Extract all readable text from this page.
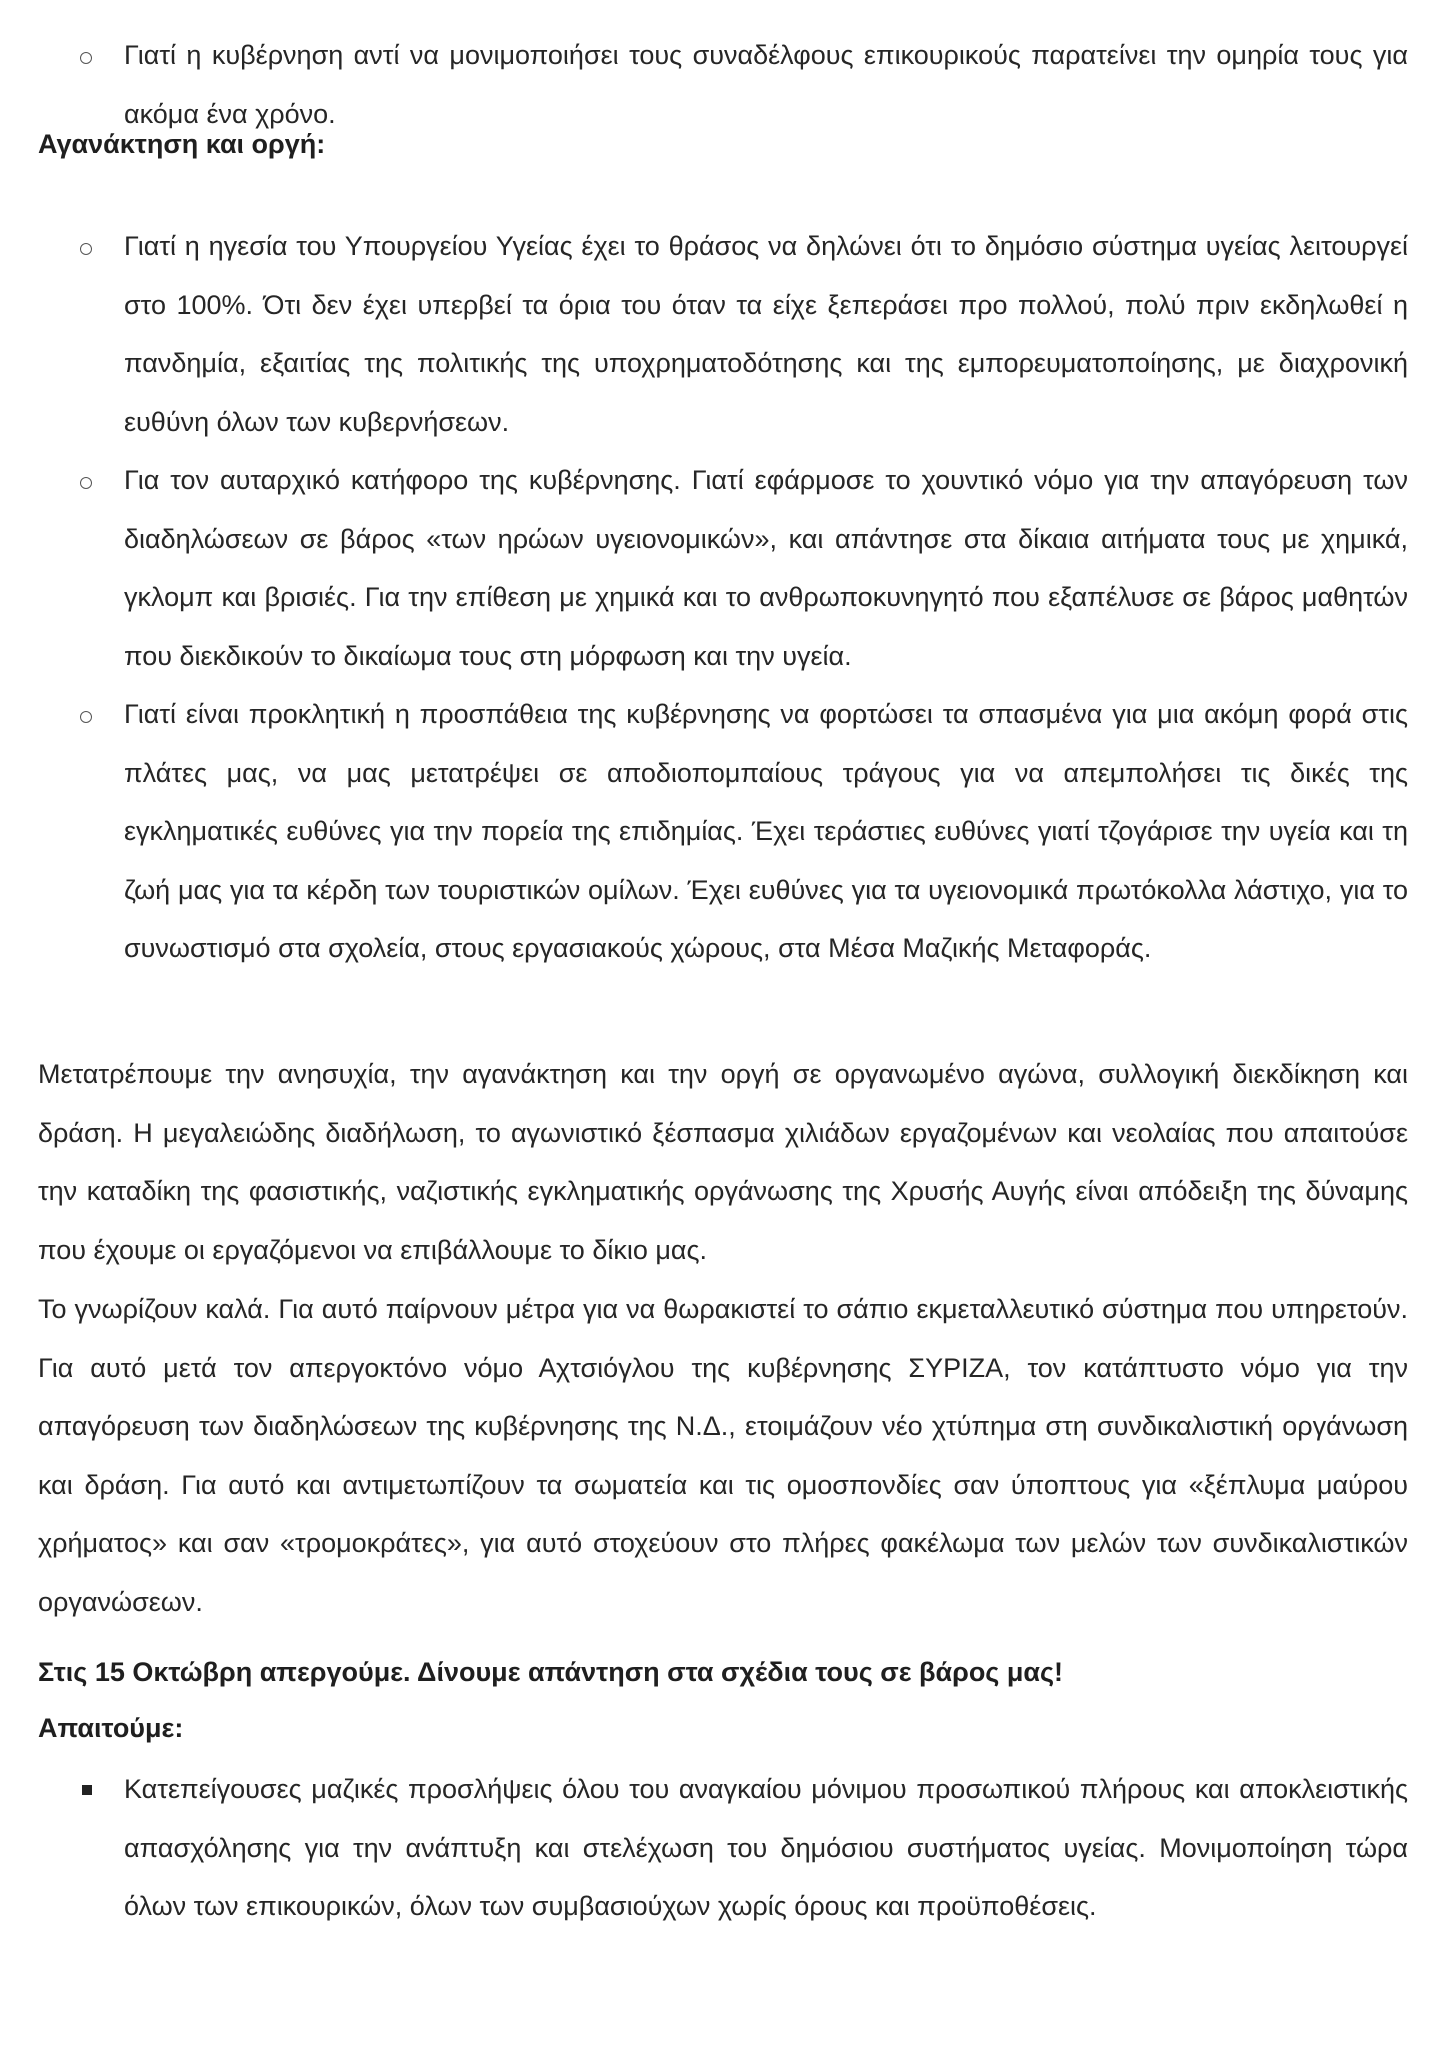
Γιατί η κυβέρνηση αντί να μονιμοποιήσει τους συναδέλφους επικουρικούς παρατείνει την ομηρία τους για ακόμα ένα χρόνο.

Αγανάκτηση και οργή:

Γιατί η ηγεσία του Υπουργείου Υγείας έχει το θράσος να δηλώνει ότι το δημόσιο σύστημα υγείας λειτουργεί στο 100%. Ότι δεν έχει υπερβεί τα όρια του όταν τα είχε ξεπεράσει προ πολλού, πολύ πριν εκδηλωθεί η πανδημία, εξαιτίας της πολιτικής της υποχρηματοδότησης και της εμπορευματοποίησης, με διαχρονική ευθύνη όλων των κυβερνήσεων.

Για τον αυταρχικό κατήφορο της κυβέρνησης. Γιατί εφάρμοσε το χουντικό νόμο για την απαγόρευση των διαδηλώσεων σε βάρος «των ηρώων υγειονομικών», και απάντησε στα δίκαια αιτήματα τους με χημικά, γκλομπ και βρισιές. Για την επίθεση με χημικά και το ανθρωποκυνηγητό που εξαπέλυσε σε βάρος μαθητών που διεκδικούν το δικαίωμα τους στη μόρφωση και την υγεία.

Γιατί είναι προκλητική η προσπάθεια της κυβέρνησης να φορτώσει τα σπασμένα για μια ακόμη φορά στις πλάτες μας, να μας μετατρέψει σε αποδιοπομπαίους τράγους για να απεμπολήσει τις δικές της εγκληματικές ευθύνες για την πορεία της επιδημίας. Έχει τεράστιες ευθύνες γιατί τζογάρισε την υγεία και τη ζωή μας για τα κέρδη των τουριστικών ομίλων. Έχει ευθύνες για τα υγειονομικά πρωτόκολλα λάστιχο, για το συνωστισμό στα σχολεία, στους εργασιακούς χώρους, στα Μέσα Μαζικής Μεταφοράς.

Μετατρέπουμε την ανησυχία, την αγανάκτηση και την οργή σε οργανωμένο αγώνα, συλλογική διεκδίκηση και δράση. Η μεγαλειώδης διαδήλωση, το αγωνιστικό ξέσπασμα χιλιάδων εργαζομένων και νεολαίας που απαιτούσε την καταδίκη της φασιστικής, ναζιστικής εγκληματικής οργάνωσης της Χρυσής Αυγής είναι απόδειξη της δύναμης που έχουμε οι εργαζόμενοι να επιβάλλουμε το δίκιο μας.

Το γνωρίζουν καλά. Για αυτό παίρνουν μέτρα για να θωρακιστεί το σάπιο εκμεταλλευτικό σύστημα που υπηρετούν. Για αυτό μετά τον απεργοκτόνο νόμο Αχτσιόγλου της κυβέρνησης ΣΥΡΙΖΑ, τον κατάπτυστο νόμο για την απαγόρευση των διαδηλώσεων της κυβέρνησης της Ν.Δ., ετοιμάζουν νέο χτύπημα στη συνδικαλιστική οργάνωση και δράση. Για αυτό και αντιμετωπίζουν τα σωματεία και τις ομοσπονδίες σαν ύποπτους για «ξέπλυμα μαύρου χρήματος» και σαν «τρομοκράτες», για αυτό στοχεύουν στο πλήρες φακέλωμα των μελών των συνδικαλιστικών οργανώσεων.

Στις 15 Οκτώβρη απεργούμε. Δίνουμε απάντηση στα σχέδια τους σε βάρος μας!

Απαιτούμε:

Κατεπείγουσες μαζικές προσλήψεις όλου του αναγκαίου μόνιμου προσωπικού πλήρους και αποκλειστικής απασχόλησης για την ανάπτυξη και στελέχωση του δημόσιου συστήματος υγείας. Μονιμοποίηση τώρα όλων των επικουρικών, όλων των συμβασιούχων χωρίς όρους και προϋποθέσεις.
